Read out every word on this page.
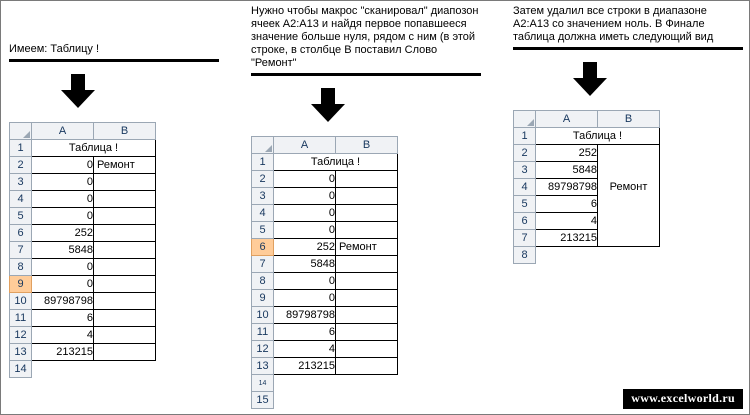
Имеем: Таблицу !
	A	B
1	Таблица !	
2	0	Ремонт
3	0	
4	0	
5	0	
6	252	
7	5848	
8	0	
9	0	
10	89798798	
11	6	
12	4	
13	213215	
14		
Нужно чтобы макрос "сканировал" диапозон ячеек A2:A13 и найдя первое попавшееся значение больше нуля, рядом с ним (в этой строке, в столбце В поставил Слово "Ремонт"
	A	B
1	Таблица !	
2	0	
3	0	
4	0	
5	0	
6	252	Ремонт
7	5848	
8	0	
9	0	
10	89798798	
11	6	
12	4	
13	213215	
14		
15		
Затем удалил все строки в диапазоне A2:A13 со значением ноль. В Финале таблица должна иметь следующий вид
	A	B
1	Таблица !	
2	252	
3	5848	
4	89798798	Ремонт
5	6	
6	4	
7	213215	
8		
www.excelworld.ru
